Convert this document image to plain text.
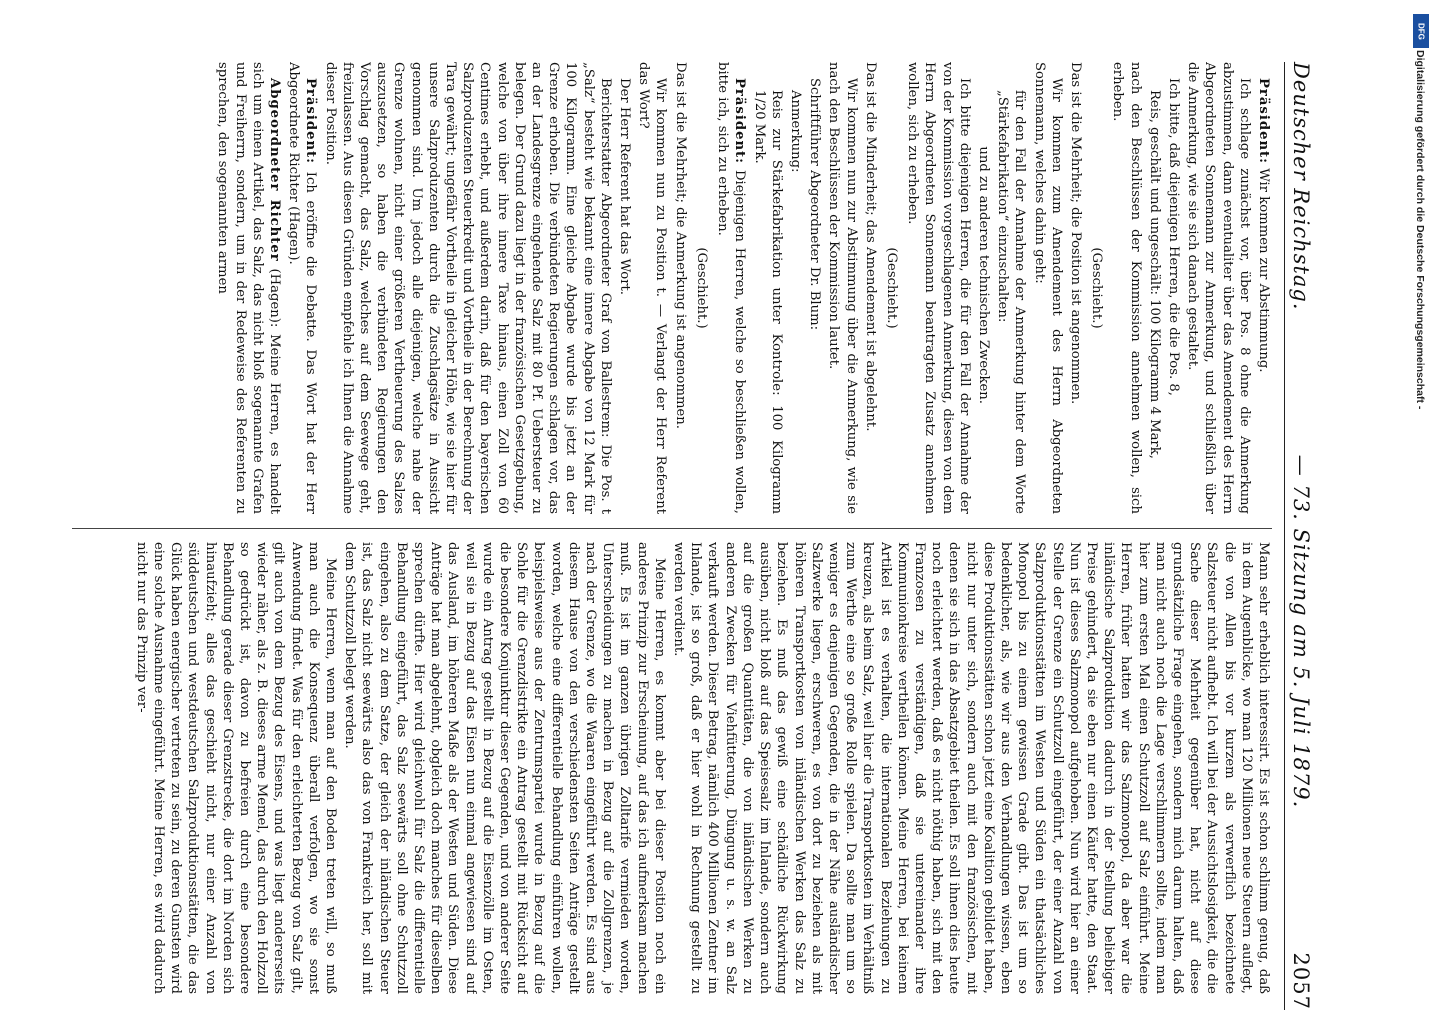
Deutscher Reichstag.
— 73. Sitzung am 5. Juli 1879.
2057

Präsident: Wir kommen zur Abstimmung.

Ich schlage zunächst vor, über Pos. 8 ohne die Anmerkung abzustimmen, dann eventualiter über das Amendement des Herrn Abgeordneten Sonnemann zur Anmerkung, und schließlich über die Anmerkung, wie sie sich danach gestaltet.

Ich bitte, daß diejenigen Herren, die die Pos. 8,

Reis, geschält und ungeschält: 100 Kilogramm 4 Mark,

nach den Beschlüssen der Kommission annehmen wollen, sich erheben.

(Geschieht.)

Das ist die Mehrheit; die Position ist angenommen.

Wir kommen zum Amendement des Herrn Abgeordneten Sonnemann, welches dahin geht:

für den Fall der Annahme der Anmerkung hinter dem Worte „Stärkefabrikation“ einzuschalten:

und zu anderen technischen Zwecken.

Ich bitte diejenigen Herren, die für den Fall der Annahme der von der Kommission vorgeschlagenen Anmerkung, diesen von dem Herrn Abgeordneten Sonnemann beantragten Zusatz annehmen wollen, sich zu erheben.

(Geschieht.)

Das ist die Minderheit; das Amendement ist abgelehnt.

Wir kommen nun zur Abstimmung über die Anmerkung, wie sie nach den Beschlüssen der Kommission lautet.

Schriftführer Abgeordneter Dr. Blum:

Anmerkung:

Reis zur Stärkefabrikation unter Kontrole: 100 Kilogramm 1/20 Mark.

Präsident: Diejenigen Herren, welche so beschließen wollen, bitte ich, sich zu erheben.

(Geschieht.)

Das ist die Mehrheit; die Anmerkung ist angenommen.

Wir kommen nun zu Position t. — Verlangt der Herr Referent das Wort?

Der Herr Referent hat das Wort.

Berichterstatter Abgeordneter Graf von Ballestrem: Die Pos. t „Salz“ besteht wie bekannt eine innere Abgabe von 12 Mark für 100 Kilogramm. Eine gleiche Abgabe wurde bis jetzt an der Grenze erhoben. Die verbündeten Regierungen schlagen vor, das an der Landesgrenze eingehende Salz mit 80 Pf. Uebersteuer zu belegen. Der Grund dazu liegt in der französischen Gesetzgebung, welche von über ihre innere Taxe hinaus, einen Zoll von 60 Centimes erhebt, und außerdem darin, daß für den bayerischen Salzproduzenten Steuerkredit und Vortheile in der Berechnung der Tara gewährt; ungefähr Vortheile in gleicher Höhe, wie sie hier für unsere Salzproduzenten durch die Zuschlagsätze in Aussicht genommen sind. Um jedoch alle diejenigen, welche nahe der Grenze wohnen, nicht einer größeren Vertheuerung des Salzes auszusetzen, so haben die verbündeten Regierungen den Vorschlag gemacht, das Salz, welches auf dem Seewege geht, freizulassen. Aus diesen Gründen empfehle ich Ihnen die Annahme dieser Position.

Präsident: Ich eröffne die Debatte. Das Wort hat der Herr Abgeordnete Richter (Hagen).

Abgeordneter Richter (Hagen): Meine Herren, es handelt sich um einen Artikel, das Salz, das nicht bloß sogenannte Grafen und Freiherrn, sondern, um in der Redeweise des Referenten zu sprechen, den sogenannten armen

Mann sehr erheblich interessirt. Es ist schon schlimm genug, daß in dem Augenblicke, wo man 120 Millionen neue Steuern auflegt, die von Allen bis vor kurzem als verwerflich bezeichnete Salzsteuer nicht aufhebt. Ich will bei der Aussichtslosigkeit, die die Sache dieser Mehrheit gegenüber hat, nicht auf diese grundsätzliche Frage eingehen, sondern mich darum halten, daß man nicht auch noch die Lage verschlimmern sollte, indem man hier zum ersten Mal einen Schutzzoll auf Salz einführt. Meine Herren, früher hatten wir das Salzmonopol, da aber war die inländische Salzproduktion dadurch in der Stellung beliebiger Preise gehindert, da sie eben nur einen Käufer hatte, den Staat. Nun ist dieses Salzmonopol aufgehoben. Nun wird hier an einer Stelle der Grenze ein Schutzzoll eingeführt, der einer Anzahl von Salzproduktionsstätten im Westen und Süden ein thatsächliches Monopol bis zu einem gewissen Grade gibt. Das ist um so bedenklicher, als, wie wir aus den Verhandlungen wissen, eben diese Produktionsstätten schon jetzt eine Koalition gebildet haben, nicht nur unter sich, sondern auch mit den französischen, mit denen sie sich in das Absatzgebiet theilen. Es soll ihnen dies heute noch erleichtert werden, daß es nicht nöthig haben, sich mit den Franzosen zu verständigen, daß sie untereinander ihre Kommunionkreise vertheilen können. Meine Herren, bei keinem Artikel ist es verhalten, die internationalen Beziehungen zu kreuzen, als beim Salz, weil hier die Transportkosten im Verhältniß zum Werthe eine so große Rolle spielen. Da sollte man um so weniger es denjenigen Gegenden, die in der Nähe ausländischer Salzwerke liegen, erschweren, es von dort zu beziehen als mit höheren Transportkosten von inländischen Werken das Salz zu beziehen. Es muß das gewiß eine schädliche Rückwirkung ausüben, nicht bloß auf das Speisesalz im Inlande, sondern auch auf die großen Quantitäten, die von inländischen Werken zu anderen Zwecken für Viehfütterung, Düngung u. s. w. an Salz verkauft werden. Dieser Betrag, nämlich 400 Millionen Zentner im Inlande, ist so groß, daß er hier wohl in Rechnung gestellt zu werden verdient.

Meine Herren, es kommt aber bei dieser Position noch ein anderes Prinzip zur Erscheinung, auf das ich aufmerksam machen muß. Es ist im ganzen übrigen Zolltarife vermieden worden, Unterscheidungen zu machen in Bezug auf die Zollgrenzen, je nach der Grenze, wo die Waaren eingeführt werden. Es sind aus diesem Hause von den verschiedensten Seiten Anträge gestellt worden, welche eine differentielle Behandlung einführen wollen, beispielsweise aus der Zentrumspartei wurde in Bezug auf die Sohle für die Grenzdistrikte ein Antrag gestellt mit Rücksicht auf die besondere Konjunktur dieser Gegenden, und von anderer Seite wurde ein Antrag gestellt in Bezug auf die Eisenzölle im Osten, weil sie in Bezug auf das Eisen nun einmal angewiesen sind auf das Ausland, im höheren Maße als der Westen und Süden. Diese Anträge hat man abgelehnt, obgleich doch manches für dieselben sprechen dürfte. Hier wird gleichwohl für Salz die differentielle Behandlung eingeführt, das Salz seewärts soll ohne Schutzzoll eingehen, also zu dem Satze, der gleich der inländischen Steuer ist, das Salz nicht seewärts also das von Frankreich her, soll mit dem Schutzzoll belegt werden.

Meine Herren, wenn man auf den Boden treten will, so muß man auch die Konsequenz überall verfolgen, wo sie sonst Anwendung findet. Was für den erleichterten Bezug von Salz gilt, gilt auch von dem Bezug des Eisens, und was liegt andererseits wieder näher, als z. B. dieses arme Memel, das durch den Holzzoll so gedrückt ist, davon zu befreien durch eine besondere Behandlung gerade dieser Grenzstrecke, die dort im Norden sich hinaufzieht; alles das geschieht nicht, nur einer Anzahl von süddeutschen und westdeutschen Salzproduktionsstätten, die das Glück haben energischer vertreten zu sein, zu deren Gunsten wird eine solche Ausnahme eingeführt. Meine Herren, es wird dadurch nicht nur das Prinzip ver-

DFG
Digitalisierung gefördert durch die Deutsche Forschungsgemeinschaft -
